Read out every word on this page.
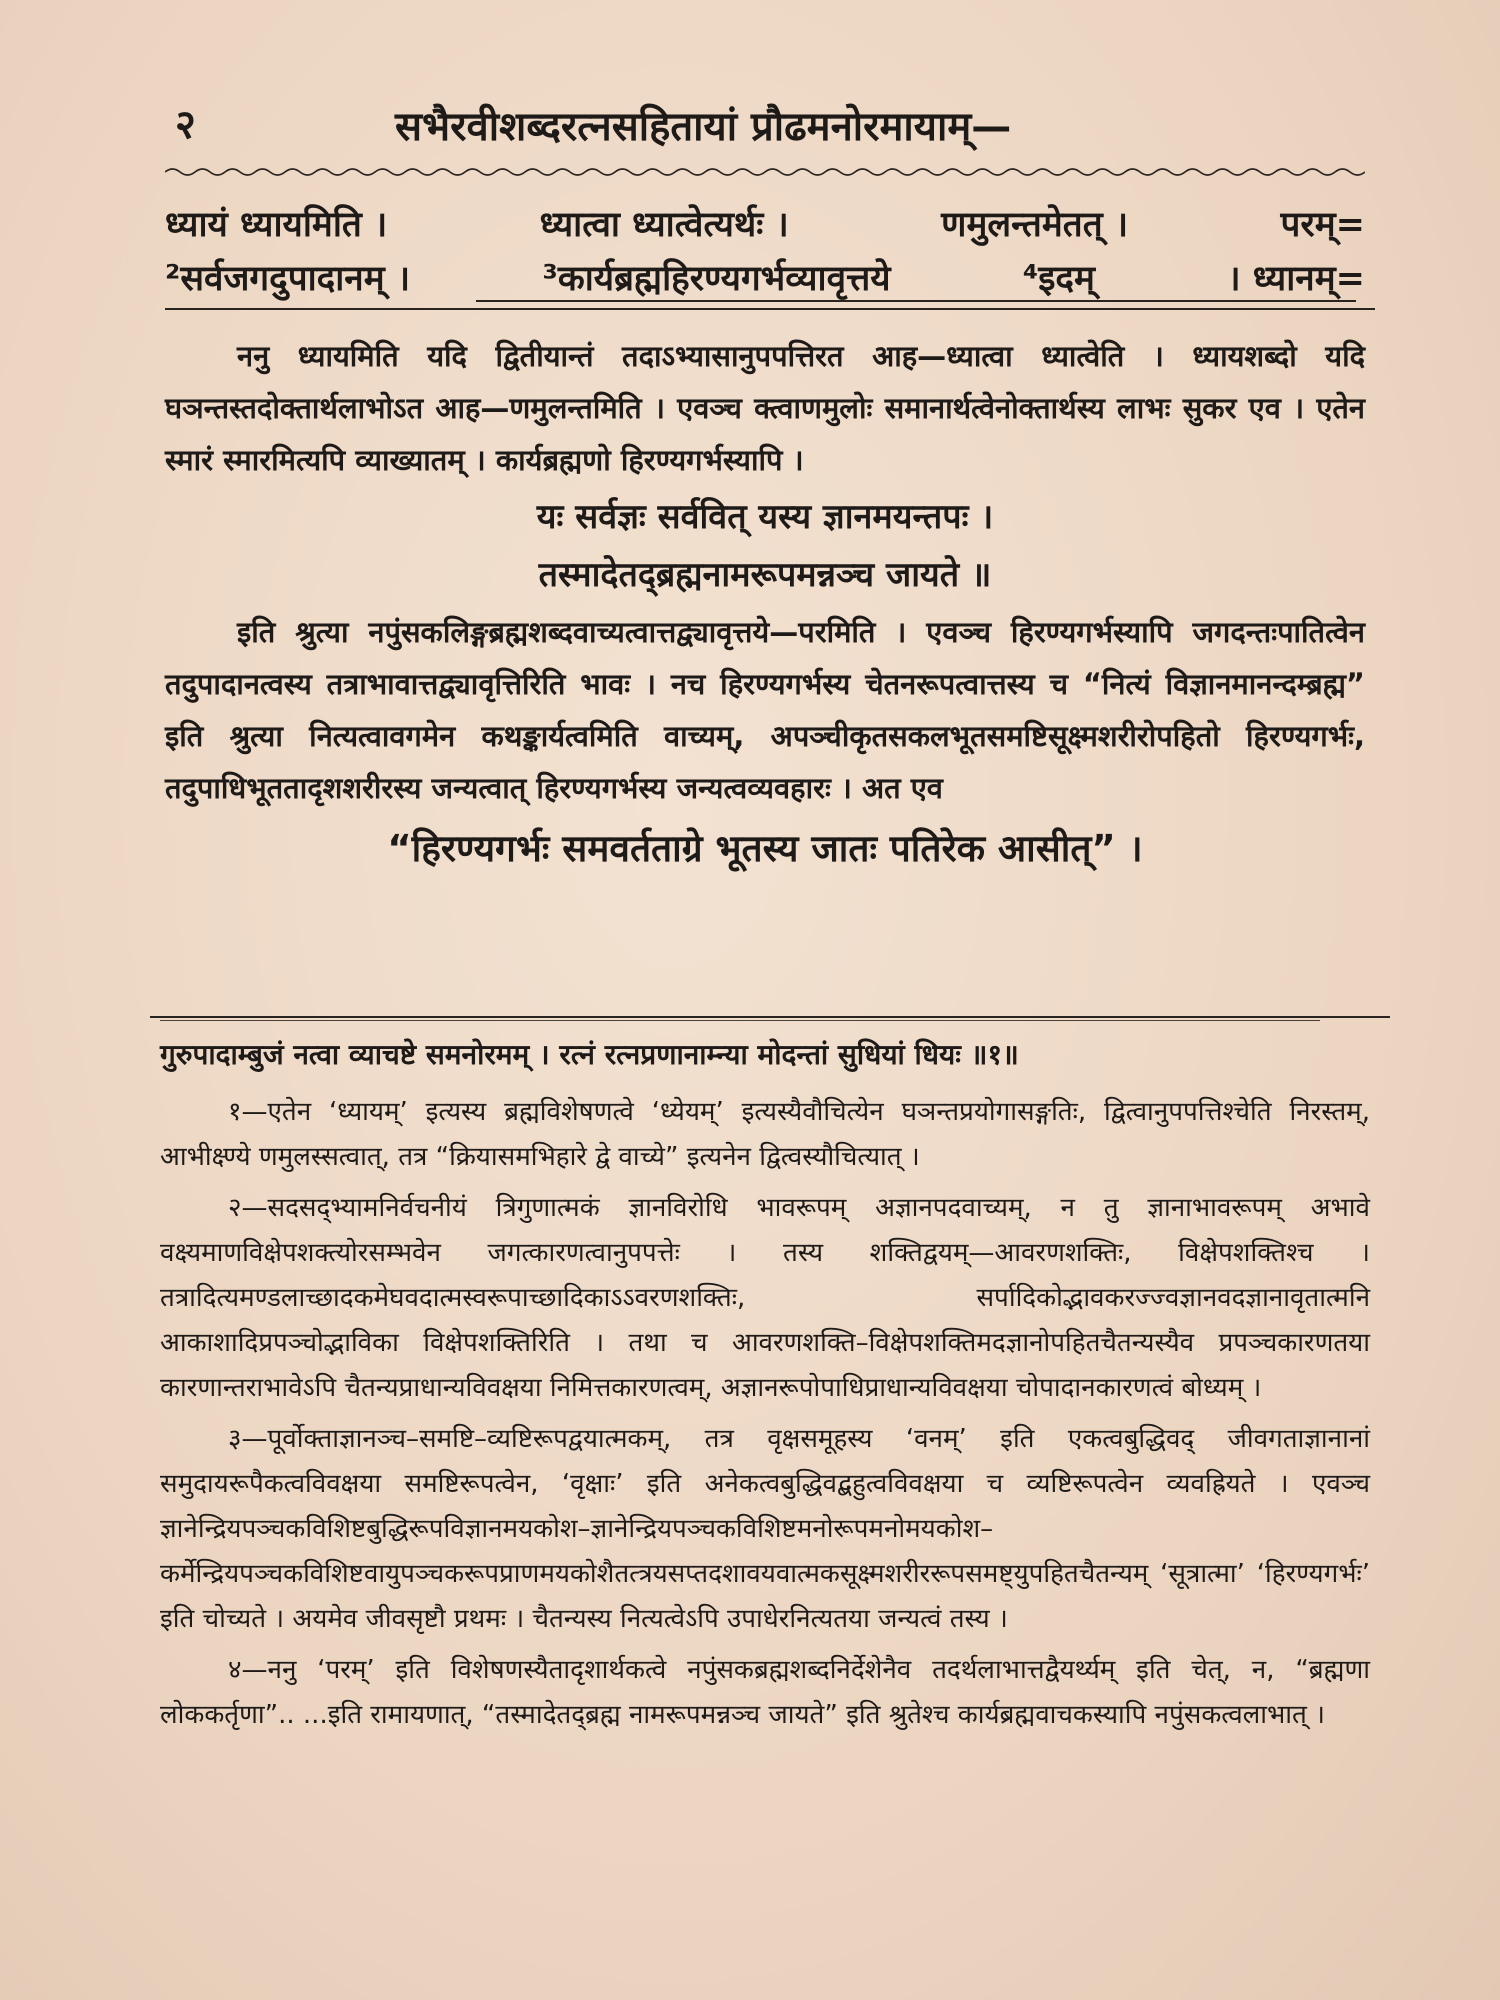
२	सभैरवीशब्दरत्नसहितायां प्रौढमनोरमायाम्—
ध्यायं ध्यायमिति ।	ध्यात्वा ध्यात्वेत्यर्थः ।	णमुलन्तमेतत् ।	परम्=
²सर्वजगदुपादानम् ।	³कार्यब्रह्महिरण्यगर्भव्यावृत्तये	⁴इदम्	। ध्यानम्=

ननु ध्यायमिति यदि द्वितीयान्तं तदाऽभ्यासानुपपत्तिरत आह—ध्यात्वा ध्यात्वेति । ध्यायशब्दो यदि घञन्तस्तदोक्तार्थलाभोऽत आह—णमुलन्तमिति । एवञ्च क्त्वाणमुलोः समानार्थत्वेनोक्तार्थस्य लाभः सुकर एव । एतेन स्मारं स्मारमित्यपि व्याख्यातम् । कार्यब्रह्मणो हिरण्यगर्भस्यापि ।

यः सर्वज्ञः सर्ववित् यस्य ज्ञानमयन्तपः ।
तस्मादेतद्ब्रह्मनामरूपमन्नञ्च जायते ॥

इति श्रुत्या नपुंसकलिङ्गब्रह्मशब्दवाच्यत्वात्तद्व्यावृत्तये—परमिति । एवञ्च हिरण्यगर्भस्यापि जगदन्तःपातित्वेन तदुपादानत्वस्य तत्राभावात्तद्व्यावृत्तिरिति भावः । नच हिरण्यगर्भस्य चेतनरूपत्वात्तस्य च “नित्यं विज्ञानमानन्दम्ब्रह्म” इति श्रुत्या नित्यत्वावगमेन कथङ्कार्यत्वमिति वाच्यम्, अपञ्चीकृतसकलभूतसमष्टिसूक्ष्मशरीरोपहितो हिरण्यगर्भः, तदुपाधिभूततादृशशरीरस्य जन्यत्वात् हिरण्यगर्भस्य जन्यत्वव्यवहारः । अत एव

“हिरण्यगर्भः समवर्तताग्रे भूतस्य जातः पतिरेक आसीत्” ।
गुरुपादाम्बुजं नत्वा व्याचष्टे समनोरमम् । रत्नं रत्नप्रणानाम्न्या मोदन्तां सुधियां धियः ॥१॥

१—एतेन ‘ध्यायम्’ इत्यस्य ब्रह्मविशेषणत्वे ‘ध्येयम्’ इत्यस्यैवौचित्येन घञन्तप्रयोगासङ्गतिः, द्वित्वानुपपत्तिश्चेति निरस्तम्, आभीक्ष्ण्ये णमुलस्सत्वात्, तत्र “क्रियासमभिहारे द्वे वाच्ये” इत्यनेन द्वित्वस्यौचित्यात् ।

२—सदसद्भ्यामनिर्वचनीयं त्रिगुणात्मकं ज्ञानविरोधि भावरूपम् अज्ञानपदवाच्यम्, न तु ज्ञानाभावरूपम् अभावे वक्ष्यमाणविक्षेपशक्त्योरसम्भवेन जगत्कारणत्वानुपपत्तेः । तस्य शक्तिद्वयम्—आवरणशक्तिः, विक्षेपशक्तिश्च । तत्रादित्यमण्डलाच्छादकमेघवदात्मस्वरूपाच्छादिकाऽऽवरणशक्तिः, सर्पादिकोद्भावकरज्ज्वज्ञानवदज्ञानावृतात्मनि आकाशादिप्रपञ्चोद्भाविका विक्षेपशक्तिरिति । तथा च आवरणशक्ति–विक्षेपशक्तिमदज्ञानोपहितचैतन्यस्यैव प्रपञ्चकारणतया कारणान्तराभावेऽपि चैतन्यप्राधान्यविवक्षया निमित्तकारणत्वम्, अज्ञानरूपोपाधिप्राधान्यविवक्षया चोपादानकारणत्वं बोध्यम् ।

३—पूर्वोक्ताज्ञानञ्च–समष्टि–व्यष्टिरूपद्वयात्मकम्, तत्र वृक्षसमूहस्य ‘वनम्’ इति एकत्वबुद्धिवद् जीवगताज्ञानानां समुदायरूपैकत्वविवक्षया समष्टिरूपत्वेन, ‘वृक्षाः’ इति अनेकत्वबुद्धिवद्बहुत्वविवक्षया च व्यष्टिरूपत्वेन व्यवह्रियते । एवञ्च ज्ञानेन्द्रियपञ्चकविशिष्टबुद्धिरूपविज्ञानमयकोश–ज्ञानेन्द्रियपञ्चकविशिष्टमनोरूपमनोमयकोश–कर्मेन्द्रियपञ्चकविशिष्टवायुपञ्चकरूपप्राणमयकोशैतत्त्रयसप्तदशावयवात्मकसूक्ष्मशरीररूपसमष्ट्युपहितचैतन्यम् ‘सूत्रात्मा’ ‘हिरण्यगर्भः’ इति चोच्यते । अयमेव जीवसृष्टौ प्रथमः । चैतन्यस्य नित्यत्वेऽपि उपाधेरनित्यतया जन्यत्वं तस्य ।

४—ननु ‘परम्’ इति विशेषणस्यैतादृशार्थकत्वे नपुंसकब्रह्मशब्दनिर्देशेनैव तदर्थलाभात्तद्वैयर्थ्यम् इति चेत्, न, “ब्रह्मणा लोककर्तृणा”.. ...इति रामायणात्, “तस्मादेतद्ब्रह्म नामरूपमन्नञ्च जायते” इति श्रुतेश्च कार्यब्रह्मवाचकस्यापि नपुंसकत्वलाभात् ।
